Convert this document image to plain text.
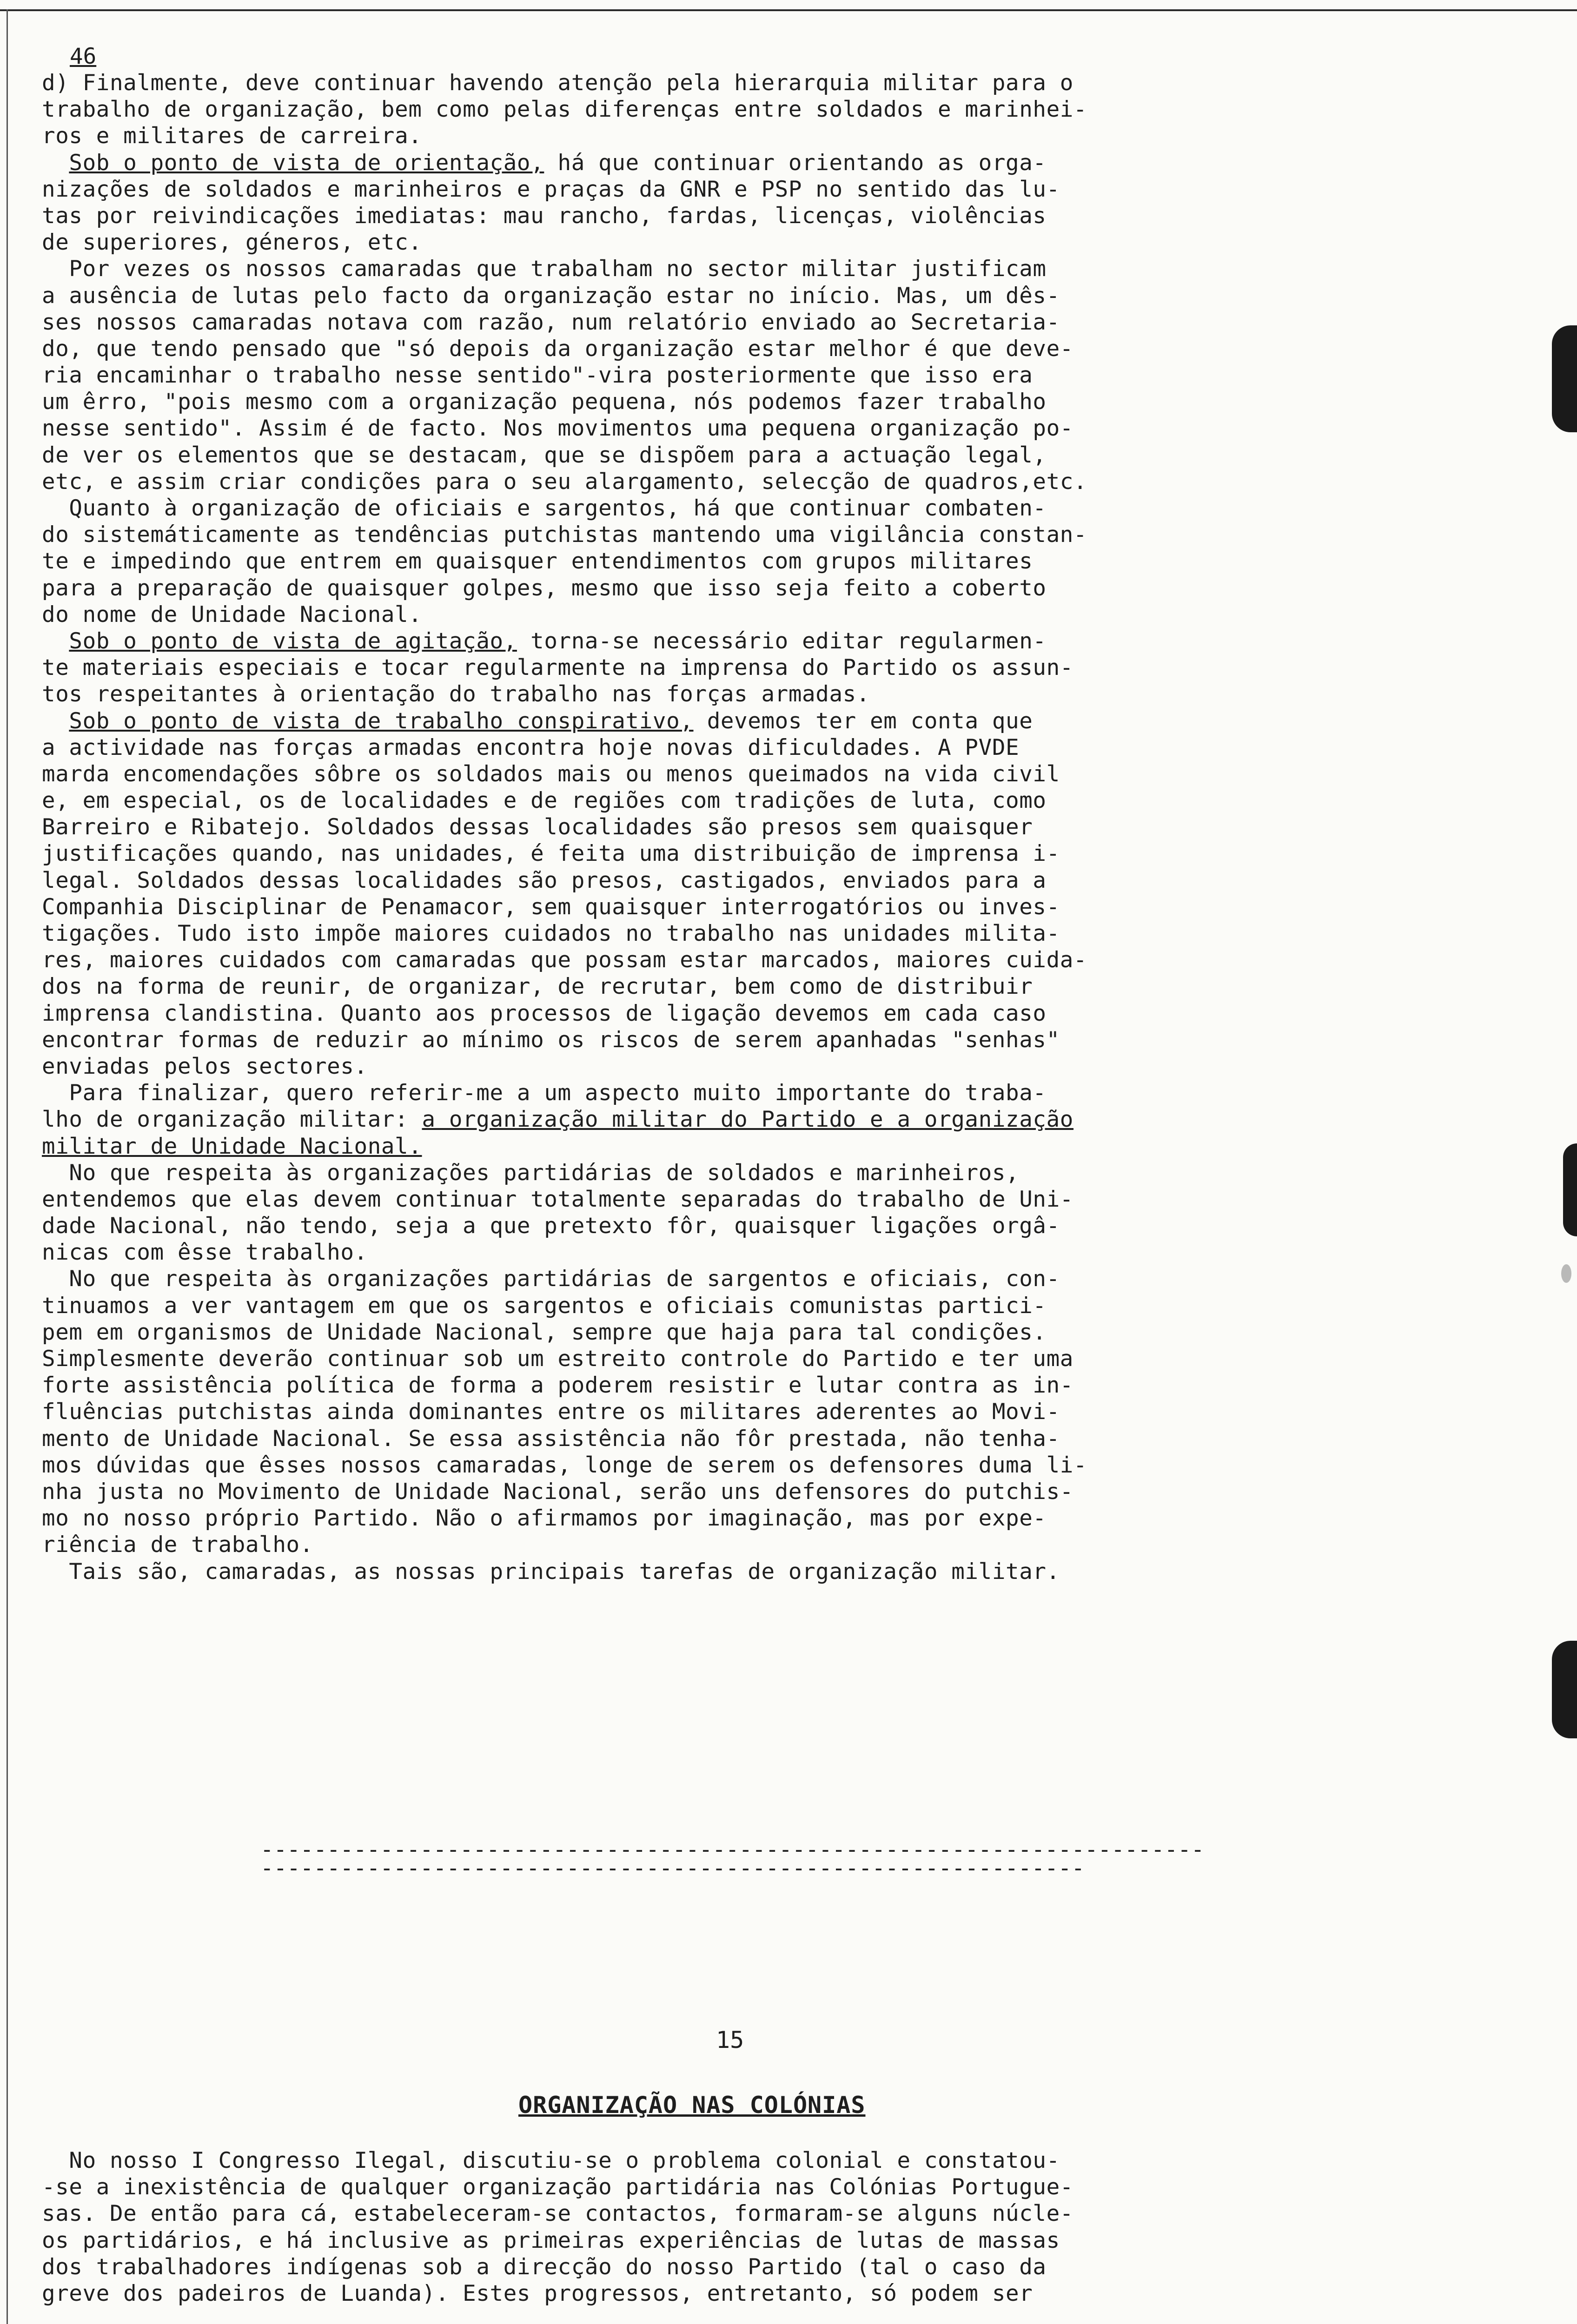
46
d) Finalmente, deve continuar havendo atenção pela hierarquia militar para o
trabalho de organização, bem como pelas diferenças entre soldados e marinhei-
ros e militares de carreira.
Sob o ponto de vista de orientação, há que continuar orientando as orga-
nizações de soldados e marinheiros e praças da GNR e PSP no sentido das lu-
tas por reivindicações imediatas: mau rancho, fardas, licenças, violências
de superiores, géneros, etc.
Por vezes os nossos camaradas que trabalham no sector militar justificam
a ausência de lutas pelo facto da organização estar no início. Mas, um dês-
ses nossos camaradas notava com razão, num relatório enviado ao Secretaria-
do, que tendo pensado que "só depois da organização estar melhor é que deve-
ria encaminhar o trabalho nesse sentido"-vira posteriormente que isso era
um êrro, "pois mesmo com a organização pequena, nós podemos fazer trabalho
nesse sentido". Assim é de facto. Nos movimentos uma pequena organização po-
de ver os elementos que se destacam, que se dispõem para a actuação legal,
etc, e assim criar condições para o seu alargamento, selecção de quadros,etc.
Quanto à organização de oficiais e sargentos, há que continuar combaten-
do sistemáticamente as tendências putchistas mantendo uma vigilância constan-
te e impedindo que entrem em quaisquer entendimentos com grupos militares
para a preparação de quaisquer golpes, mesmo que isso seja feito a coberto
do nome de Unidade Nacional.
Sob o ponto de vista de agitação, torna-se necessário editar regularmen-
te materiais especiais e tocar regularmente na imprensa do Partido os assun-
tos respeitantes à orientação do trabalho nas forças armadas.
Sob o ponto de vista de trabalho conspirativo, devemos ter em conta que
a actividade nas forças armadas encontra hoje novas dificuldades. A PVDE
marda encomendações sôbre os soldados mais ou menos queimados na vida civil
e, em especial, os de localidades e de regiões com tradições de luta, como
Barreiro e Ribatejo. Soldados dessas localidades são presos sem quaisquer
justificações quando, nas unidades, é feita uma distribuição de imprensa i-
legal. Soldados dessas localidades são presos, castigados, enviados para a
Companhia Disciplinar de Penamacor, sem quaisquer interrogatórios ou inves-
tigações. Tudo isto impõe maiores cuidados no trabalho nas unidades milita-
res, maiores cuidados com camaradas que possam estar marcados, maiores cuida-
dos na forma de reunir, de organizar, de recrutar, bem como de distribuir
imprensa clandistina. Quanto aos processos de ligação devemos em cada caso
encontrar formas de reduzir ao mínimo os riscos de serem apanhadas "senhas"
enviadas pelos sectores.
Para finalizar, quero referir-me a um aspecto muito importante do traba-
lho de organização militar: a organização militar do Partido e a organização
militar de Unidade Nacional.
No que respeita às organizações partidárias de soldados e marinheiros,
entendemos que elas devem continuar totalmente separadas do trabalho de Uni-
dade Nacional, não tendo, seja a que pretexto fôr, quaisquer ligações orgâ-
nicas com êsse trabalho.
No que respeita às organizações partidárias de sargentos e oficiais, con-
tinuamos a ver vantagem em que os sargentos e oficiais comunistas partici-
pem em organismos de Unidade Nacional, sempre que haja para tal condições.
Simplesmente deverão continuar sob um estreito controle do Partido e ter uma
forte assistência política de forma a poderem resistir e lutar contra as in-
fluências putchistas ainda dominantes entre os militares aderentes ao Movi-
mento de Unidade Nacional. Se essa assistência não fôr prestada, não tenha-
mos dúvidas que êsses nossos camaradas, longe de serem os defensores duma li-
nha justa no Movimento de Unidade Nacional, serão uns defensores do putchis-
mo no nosso próprio Partido. Não o afirmamos por imaginação, mas por expe-
riência de trabalho.
Tais são, camaradas, as nossas principais tarefas de organização militar.
-----------------------------------------------------------------------
--------------------------------------------------------------
15
ORGANIZAÇÃO NAS COLÓNIAS
No nosso I Congresso Ilegal, discutiu-se o problema colonial e constatou-
-se a inexistência de qualquer organização partidária nas Colónias Portugue-
sas. De então para cá, estabeleceram-se contactos, formaram-se alguns núcle-
os partidários, e há inclusive as primeiras experiências de lutas de massas
dos trabalhadores indígenas sob a direcção do nosso Partido (tal o caso da
greve dos padeiros de Luanda). Estes progressos, entretanto, só podem ser
